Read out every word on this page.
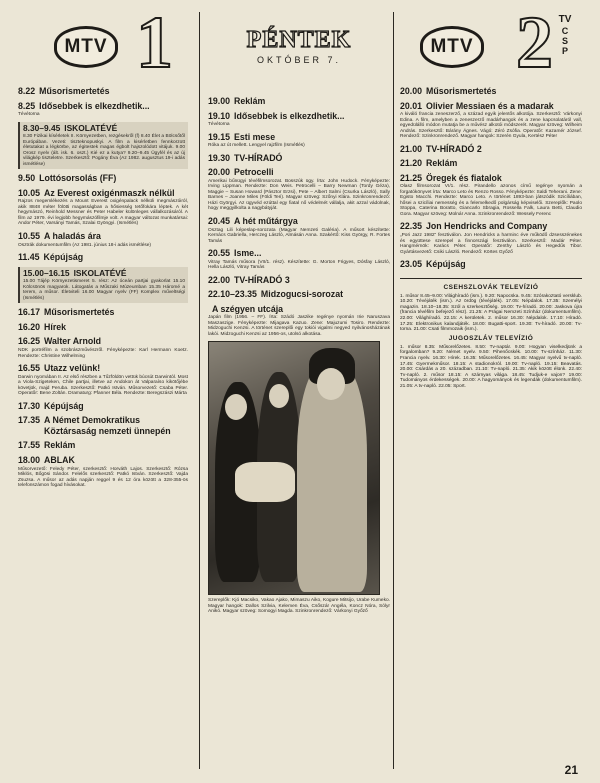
MTV 1
8.22 Műsorismertetés
8.25 Idősebbek is elkezdhetik...
Tévétorna
8.30–9.45 ISKOLATÉVÉ
8.30 Fizikai kísérletek II. Környezetben, rezgésekről (f) 8.40 Élet a Bölcsőtől Európában. Vezeti: tiszteknopuskyi. A film a kisérletben fennkorzott életutakat a légkörbe, az égitestek magas égbolt hajszolódott vitájuk. 9.00 Orosz nyelv (ált. isk. 6. oszt.) Kié ez a kutya? 9.20–9.45 Ügyfél és az új világkép tiszteletre. Szerkesztő: Pogány Éva (Az 1982. augusztus 19-i adás ismétlése)
9.50 Lottósorsolás (FF)
10.05 Az Everest oxigénmaszk nélkül
Rajzos megemlékezés a Mount Everest oxigénpalack nélküli megmászóiról, akik 8848 méter fölötti magasságban a hősiesség tetőfokára léptek. A két hegymászó, Reinhold Messner és Peter Habeler különleges vállalkozásáról. A film az 1979. évi legjobb hegymászófilmje volt. A magyar változat munkatársai: Andor Péter, Varsányi Tamás, Szalai Gyöngyi. (Ismétlés)
10.55 A haladás ára
Osztrák dokumentumfilm (Az 1981. június 18-i adás ismétlése)
11.45 Képújság
15.00–16.15 ISKOLATÉVÉ
15.00 Tájép Környezetismeret 5. rész: Az óceán partjai gyakorlat 15.10 Kölcsönös magyarok. Látogatás a Műszaki Múzeumban 15.35 Háromé a terem, a műsor. Életviteli 16.00 Magyar nyelv (FF) Komplex műveltségi (Ismétlés)
16.17 Műsorismertetés
16.20 Hírek
16.25 Walter Arnold
NDK portréfilm a szobrászművészről. Fényképezte: Karl Hermann Koetz. Rendezte: Christine Wilhelming
16.55 Utazz velünk!
Darwin nyomában II. Az első részben a Tűzföldön vettük búcsút Darwintól. Most a Viola-Szigeteken, Chile partjai, illetve az Andokon át Valparaíso kikötőjébe követjük, majd Peruba. Szerkesztő: Patkó István. Műsorvezető: Csaba Péter. Operatőr: Bene Zoltán. Dramaturg: Pfanner Béla. Rendezte: Beregszászi Márta
17.30 Képújság
17.35 A Német Demokratikus Köztársaság nemzeti ünnepén
17.55 Reklám
18.00 ABLAK
Műsorvezető: Feledy Péter, szerkesztő: Horváth Lajos. Szerkesztő: Rózsa Miklós, Bőgösi Sándor. Felelős szerkesztő: Patkó István. Szerkesztő: Vajda Zsuzsa. A műsor az adás napján reggel 9 és 12 óra között a 328-355-ös telefonszámon fogad hívásokat.
PÉNTEK
OKTÓBER 7.
19.00 Reklám
19.10 Idősebbek is elkezdhetik...
Tévétorna
19.15 Esti mese
Róka az út mellett. Lengyel rajzfilm (Ismétlés)
19.30 TV-HÍRADÓ
20.00 Petrocelli
Amerikai bűnügyi tévéfilmsorozat. Bosszúk ügy. Írta: John Hudock. Fényképezte: Irving Lippman. Rendezte: Don Weis. Petrocelli – Barry Newman (Tordy Géza), Maggie – Susan Howard (Pásztor Erzsi), Pete – Albert Salmi (Csurka László), Sally Barnes – Joanne Miles (Földi Teri). Magyar szöveg: Szőnyi Klára. Szinkronrendező: Házi Györgyi. Az ügyvéd ezúttal egy fiatal nő védelmét vállalja, akit azzal vádolnak, hogy meggyilkolta a nagybátyját.
20.45 A hét műtárgya
Osztag Lili képeslap-sorozata (Magyar Nemzeti Galéria). A műsort készítette: Kernács Gabriella, Herczeg László, Almásán Anna. Szakértő: Kiss György, R. Fortes Tamás
20.55 Isme...
Vitray Tamás műsora (VII/1. rész). Készítette: G. Morton Frigyes, Dósfay László, Hella László, Vitray Tamás
22.00 TV-HÍRADÓ 3
22.10–23.35 Midzogucsi-sorozat
A szégyen utcája
Japán film (1956. – FF). Írta: Szádó Jaszike regénye nyomán Irie Naruszava Maszaszige. Fényképezte: Mijagava Kazuo. Zene: Majuzumi Tosiro. Rendezte: Midzoguchi Kenzsi. A történet szereplői egy tokiói vigalmi negyed nyilvánosházának lakói. Midzoguchi Kenzsi az 1956-os, utolsó alkotása.
Szereplők: Kjó Macsiko, Vakao Ajako, Mimaszu Aiko, Kogure Mitsijo, Urabe Kumeko. Magyar hangok: Dallos Szilvia, Kelemen Éva, Csőszár Angéla, Koncz Nóra, Sólyr Anikó. Magyar szöveg: Somogyi Magda. Szinkronrendező: Várkonyi Győző
MTV 2 TV
CSP
20.00 Műsorismertetés
20.01 Olivier Messiaen és a madarak
A kiváló francia zeneszerző, a század egyik jelentős alkotója. Szerkesztő: Várkonyi Edina. A film, amelyben a zeneszerző madárhangok és a zene kapcsolatáról vall, egyedülálló módon mutatja be a művész alkotói módszerét. Magyar szöveg: Wilheim András. Szerkesztő: Bárány Ágnes. Vágó: Zéró Zsófia. Operatőr: Kazamér József. Rendező: Szinkronrendező. Magyar hangok: Szerén Gyula, Kertész Péter
21.00 TV-HÍRADÓ 2
21.20 Reklám
21.25 Öregek és fiatalok
Olasz filmsorozat VI/1. rész. Pirandello azonos című regénye nyomán a forgatókönyvet írta: Marco Leto és Renzo Rosso. Fényképezte: Saldi Teherani. Zene: Egisto Macchi. Rendezte: Marco Leto. A történet 1893-ban játszódik Szicíliában, hősei a szicíliai nemesség és a felemelkedő polgárság képviselői. Szereplők: Paolo Stoppa, Caterina Boratto, Giancarlo Sbragia, Rossella Falk, Laura Betti, Claudio Gora. Magyar szöveg: Molnár Anna. Szinkronrendező: Wessely Ferenc
22.35 Jon Hendricks and Company
„Pori Jazz 1982” fesztiválon. Jon Hendricks a harminc éve működő dzsesszénekes és együttese szerepel a finnországi fesztiválon. Szerkesztő: Madár Péter. Hangmérnök: Karács Péter. Operatőr: Zenthy László és Hegedűs Tibor. Gyártásvezető: Csiki László. Rendező: Körtes Győző
23.05 Képújság
CSEHSZLOVÁK TELEVÍZIÓ
1. műsor 8.45–9.00: Világhíradó (ism.). 9.20: Napocska. 9.45: Szórakoztató versklub. 10.20: Tévéjáték (ism.). Az ördög (tévéjáték). 17.05: Népdalok. 17.35: Személyi magazin. 18.10–18.35: Szól a szerkesztőség. 19.00: Tv-híradó. 20.00: Jaskova újra (francia tévéfilm befejező rész). 21.25: A Prágai Nemzeti Színház (dokumentumfilm). 22.00: Világhíradó. 22.15: A kerületek. 2. műsor 16.30: Népdalok. 17.10: Híradó. 17.25: Elektronikus kalandjáték. 18.00: Bugatti-sport. 19.30: Tv-híradó. 20.00: Tv-torna. 21.00: Csati filmmozaik (ism.).
JUGOSZLÁV TELEVÍZIÓ
1. műsor 8.35: Műsorelőzetes. 8.50: Tv-naptár. 9.00: Hogyan viselkedjünk a forgalomban? 9.20: Német nyelv. 9.50: Pihenőcskék. 10.00: Tv-színház. 11.30: Francia nyelv. 16.30: Hírek. 16.35: Műsorelőzetes. 16.45: Magyar nyelvű tv-napló. 17.45: Gyermekműsor. 18.15: A stadionokról. 19.00: Tv-napló. 19.15: Beavatás. 20.00: Csárdás a 20. században. 21.10: Tv-napló. 21.35: Akik között élünk. 22.40: Tv-napló. 2. műsor 18.15: A szárnyas világa. 18.45: Tudjuk-e vajon? 19.00: Tudományos érdekességek. 20.00: A hagyományok és legendák (dokumentumfilm). 21.05: A tv-napló. 22.05: Sport.
21
